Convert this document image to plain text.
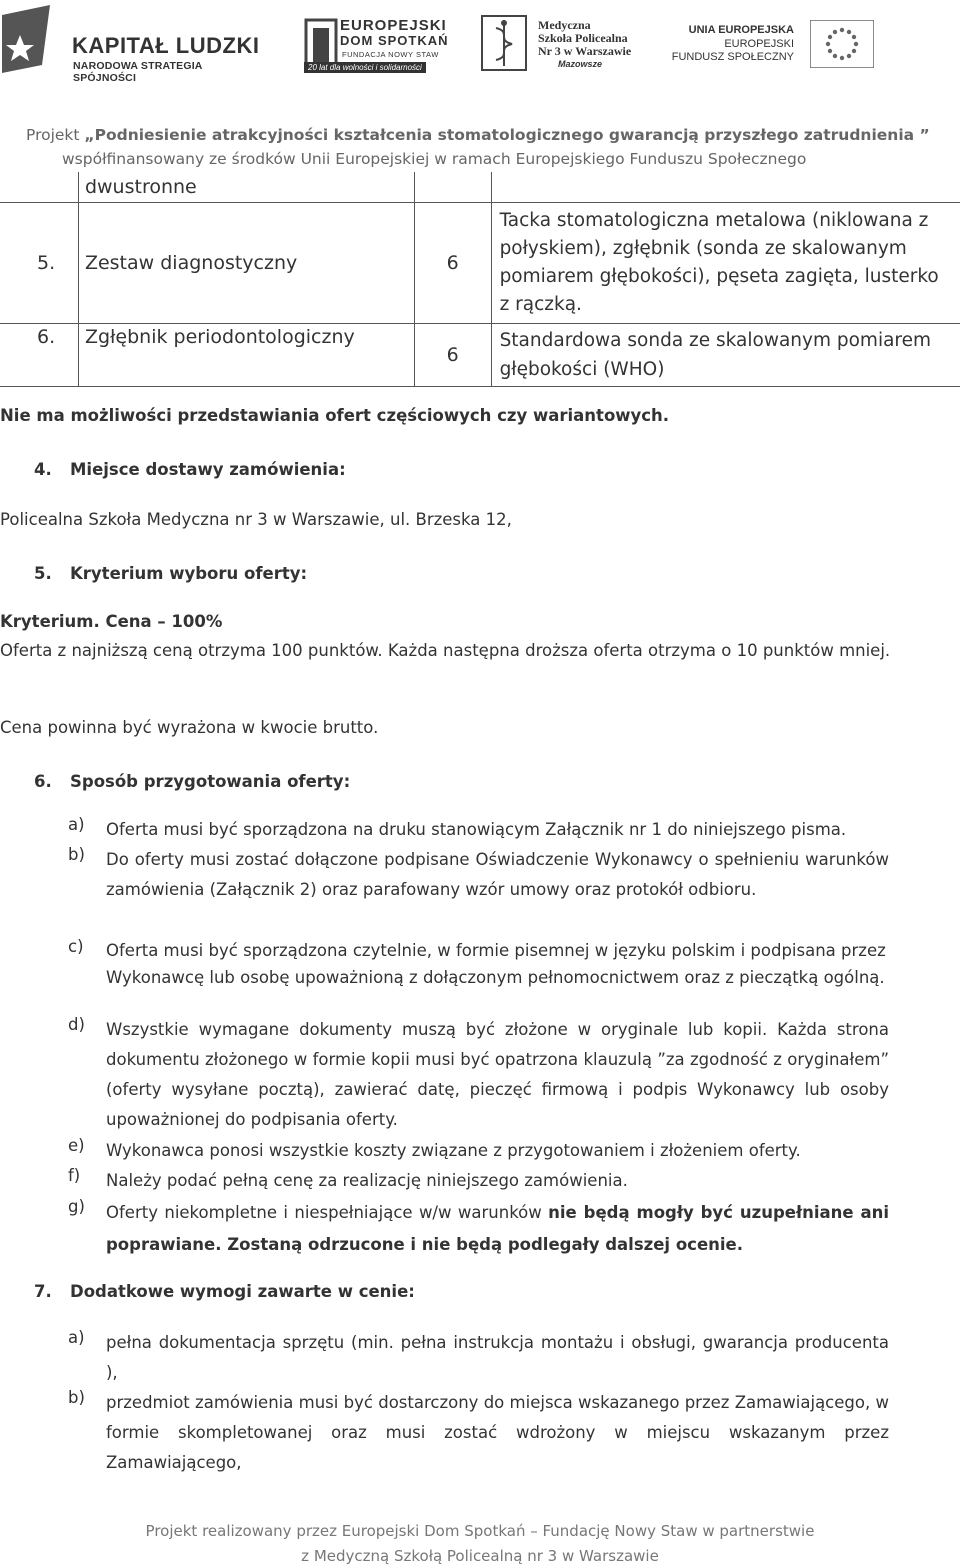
KAPITAŁ LUDZKI
NARODOWA STRATEGIA SPÓJNOŚCI
EUROPEJSKI
DOM SPOTKAŃ
FUNDACJA NOWY STAW
20 lat dla wolności i solidarności
Medyczna
Szkoła Policealna
Nr 3 w Warszawie
Mazowsze
UNIA EUROPEJSKA
EUROPEJSKI
FUNDUSZ SPOŁECZNY
Projekt „Podniesienie atrakcyjności kształcenia stomatologicznego gwarancją przyszłego zatrudnienia ”
współfinansowany ze środków Unii Europejskiej w ramach Europejskiego Funduszu Społecznego
	dwustronne		
5.	Zestaw diagnostyczny	6	Tacka stomatologiczna metalowa (niklowana z połyskiem), zgłębnik (sonda ze skalowanym pomiarem głębokości), pęseta zagięta, lusterko z rączką.
6.	Zgłębnik periodontologiczny	6	Standardowa sonda ze skalowanym pomiarem głębokości (WHO)
Nie ma możliwości przedstawiania ofert częściowych czy wariantowych.
4. Miejsce dostawy zamówienia:
Policealna Szkoła Medyczna nr 3 w Warszawie, ul. Brzeska 12,
5. Kryterium wyboru oferty:
Kryterium. Cena – 100%
Oferta z najniższą ceną otrzyma 100 punktów. Każda następna droższa oferta otrzyma o 10 punktów mniej.
Cena powinna być wyrażona w kwocie brutto.
6. Sposób przygotowania oferty:
a) Oferta musi być sporządzona na druku stanowiącym Załącznik nr 1 do niniejszego pisma.
b) Do oferty musi zostać dołączone podpisane Oświadczenie Wykonawcy o spełnieniu warunków zamówienia (Załącznik 2) oraz parafowany wzór umowy oraz protokół odbioru.
c) Oferta musi być sporządzona czytelnie, w formie pisemnej w języku polskim i podpisana przez Wykonawcę lub osobę upoważnioną z dołączonym pełnomocnictwem oraz z pieczątką ogólną.
d) Wszystkie wymagane dokumenty muszą być złożone w oryginale lub kopii. Każda strona dokumentu złożonego w formie kopii musi być opatrzona klauzulą ”za zgodność z oryginałem” (oferty wysyłane pocztą), zawierać datę, pieczęć firmową i podpis Wykonawcy lub osoby upoważnionej do podpisania oferty.
e) Wykonawca ponosi wszystkie koszty związane z przygotowaniem i złożeniem oferty.
f) Należy podać pełną cenę za realizację niniejszego zamówienia.
g) Oferty niekompletne i niespełniające w/w warunków nie będą mogły być uzupełniane ani poprawiane. Zostaną odrzucone i nie będą podlegały dalszej ocenie.
7. Dodatkowe wymogi zawarte w cenie:
a) pełna dokumentacja sprzętu (min. pełna instrukcja montażu i obsługi, gwarancja producenta ),
b) przedmiot zamówienia musi być dostarczony do miejsca wskazanego przez Zamawiającego, w formie skompletowanej oraz musi zostać wdrożony w miejscu wskazanym przez Zamawiającego,
Projekt realizowany przez Europejski Dom Spotkań – Fundację Nowy Staw w partnerstwie
z Medyczną Szkołą Policealną nr 3 w Warszawie
